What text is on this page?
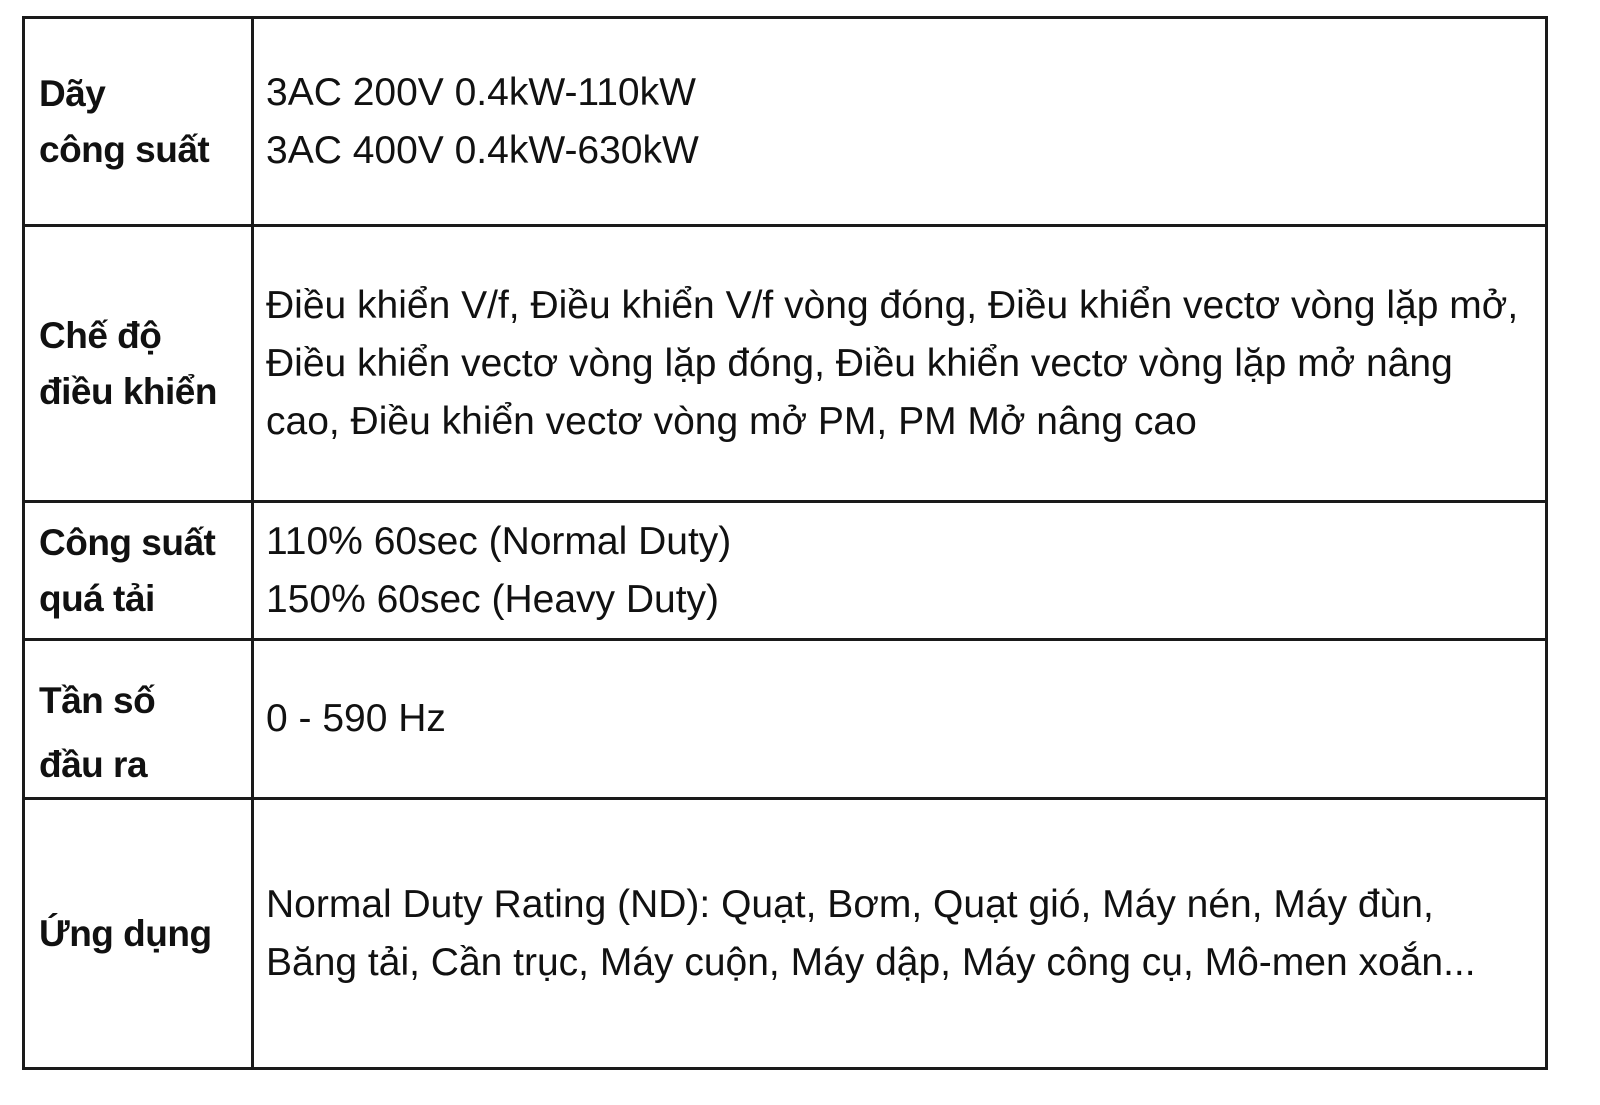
Dãy
công suất	3AC 200V 0.4kW-110kW
3AC 400V 0.4kW-630kW

Chế độ
điều khiển	Điều khiển V/f, Điều khiển V/f vòng đóng, Điều khiển vectơ vòng lặp mở, Điều khiển vectơ vòng lặp đóng, Điều khiển vectơ vòng lặp mở nâng cao, Điều khiển vectơ vòng mở PM, PM Mở nâng cao

Công suất
quá tải	110% 60sec (Normal Duty)
150% 60sec (Heavy Duty)

Tần số
đầu ra	0 - 590 Hz

Ứng dụng	Normal Duty Rating (ND): Quạt, Bơm, Quạt gió, Máy nén, Máy đùn, Băng tải, Cần trục, Máy cuộn, Máy dập, Máy công cụ, Mô-men xoắn...
